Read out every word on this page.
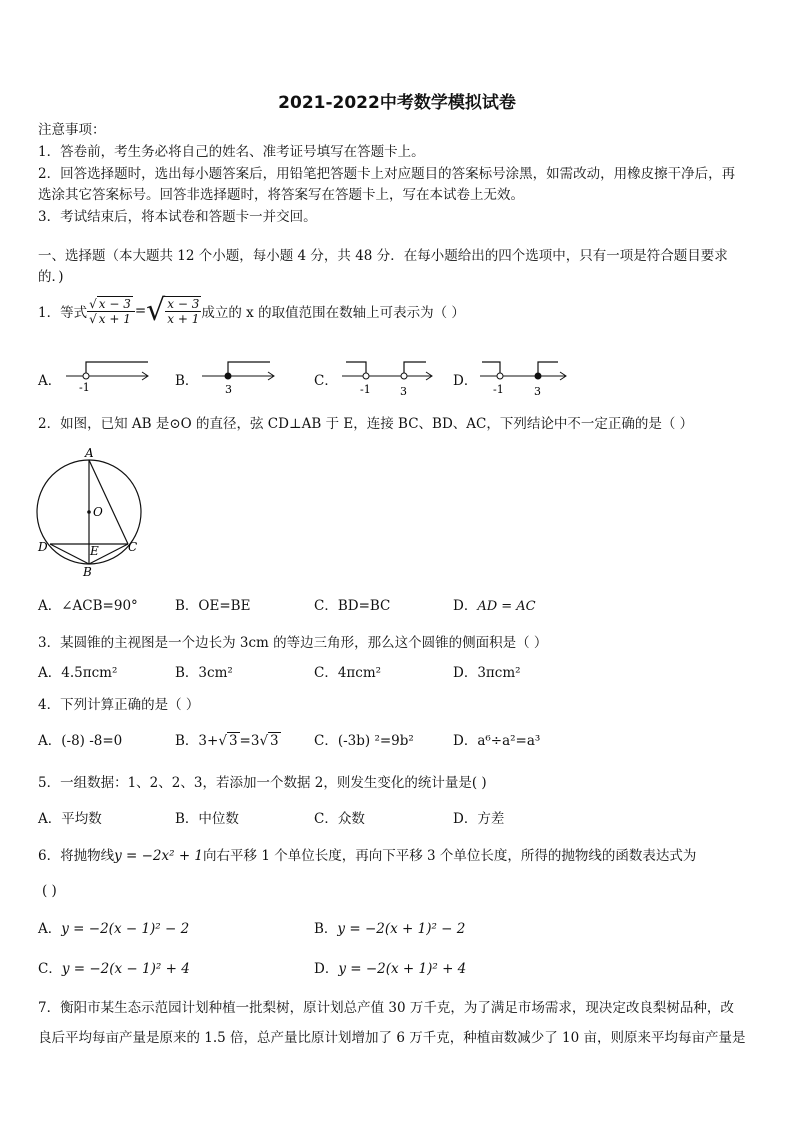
2021-2022中考数学模拟试卷
注意事项：
1．答卷前，考生务必将自己的姓名、准考证号填写在答题卡上。
2．回答选择题时，选出每小题答案后，用铅笔把答题卡上对应题目的答案标号涂黑，如需改动，用橡皮擦干净后，再
选涂其它答案标号。回答非选择题时，将答案写在答题卡上，写在本试卷上无效。
3．考试结束后，将本试卷和答题卡一并交回。
一、选择题（本大题共 12 个小题，每小题 4 分，共 48 分．在每小题给出的四个选项中，只有一项是符合题目要求
的．)
1．等式 $\frac{√ x - 3}{√ x + 1}$ = √ $\frac{x - 3}{x + 1}$ 成立的 x 的取值范围在数轴上可表示为（ ）
A． -1	B．
3
C．
-1	3
D．
-1	3
2．如图，已知 AB 是⊙O 的直径，弦 CD⊥AB 于 E，连接 BC、BD、AC，下列结论中不一定正确的是（ ）
A
O
D	E C
B
A．∠ACB=90°	B．OE=BE	C．BD=BC	D．AD = AC
3．某圆锥的主视图是一个边长为 3cm 的等边三角形，那么这个圆锥的侧面积是（ ）
A．4.5πcm²	B．3cm²	C．4πcm²	D．3πcm²
4．下列计算正确的是（ ）
A．(-8) -8=0	B．3+√ 3 =3√ 3	C．(-3b) ²=9b²	D．a⁶÷a²=a³
5．一组数据：1、2、2、3，若添加一个数据 2，则发生变化的统计量是( )
A．平均数	B．中位数	C．众数	D．方差
6．将抛物线y = −2x² + 1向右平移 1 个单位长度，再向下平移 3 个单位长度，所得的抛物线的函数表达式为
( )
A．y = −2(x − 1)² − 2	B．y = −2(x + 1)² − 2
C．y = −2(x − 1)² + 4	D．y = −2(x + 1)² + 4
7．衡阳市某生态示范园计划种植一批梨树，原计划总产值 30 万千克，为了满足市场需求，现决定改良梨树品种，改
良后平均每亩产量是原来的 1.5 倍，总产量比原计划增加了 6 万千克，种植亩数减少了 10 亩，则原来平均每亩产量是
